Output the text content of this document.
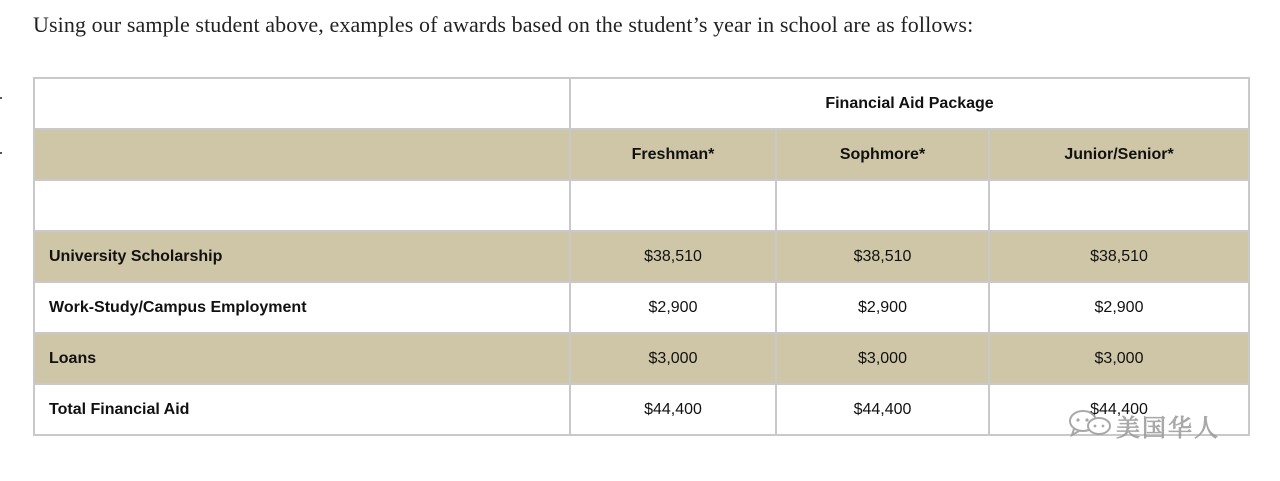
Using our sample student above, examples of awards based on the student’s year in school are as follows:
	Financial Aid Package		
	Freshman*	Sophmore*	Junior/Senior*

University Scholarship	$38,510	$38,510	$38,510
Work-Study/Campus Employment	$2,900	$2,900	$2,900
Loans	$3,000	$3,000	$3,000
Total Financial Aid	$44,400	$44,400	$44,400
美国华人
